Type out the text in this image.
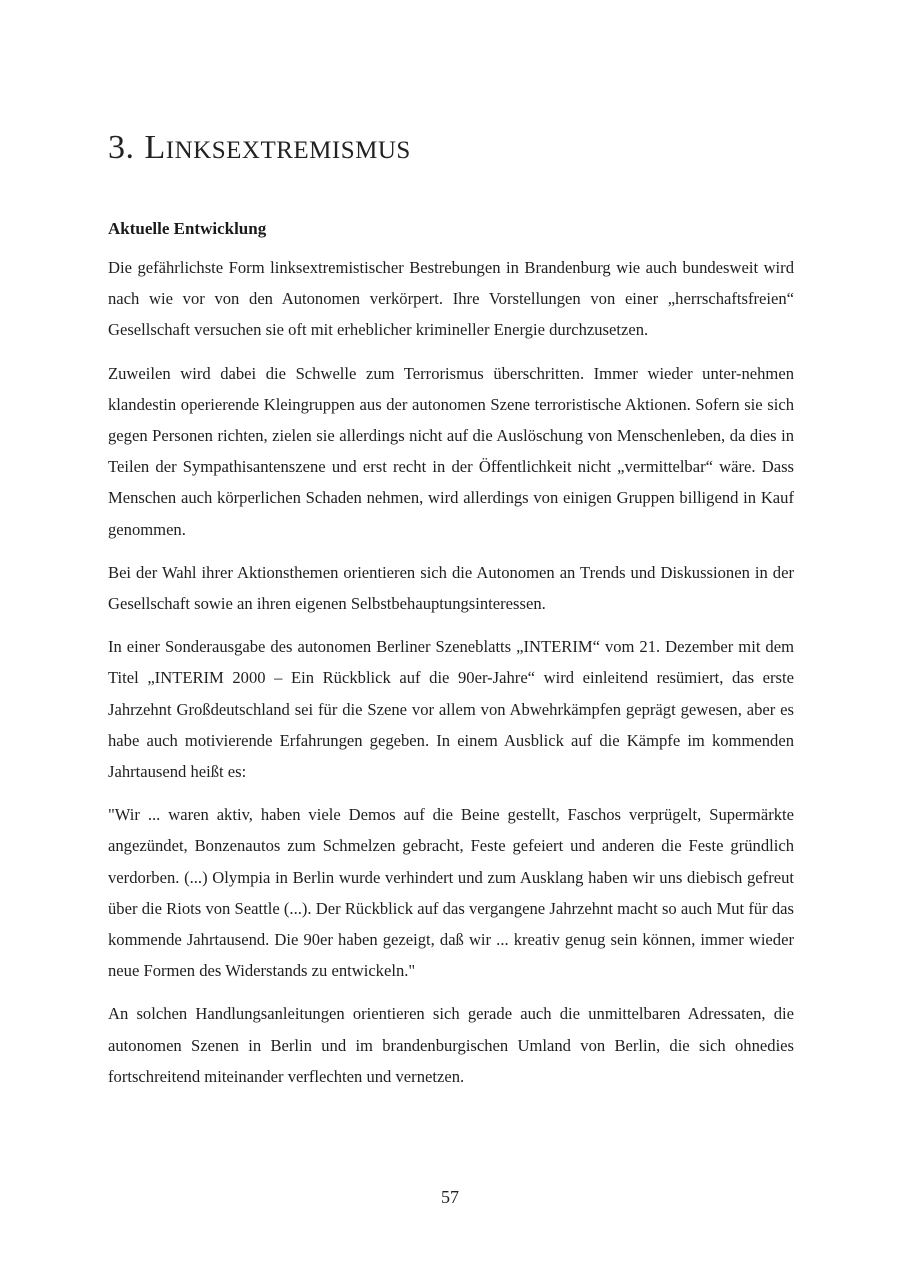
3. LINKSEXTREMISMUS
Aktuelle Entwicklung

Die gefährlichste Form linksextremistischer Bestrebungen in Brandenburg wie auch bundesweit wird nach wie vor von den Autonomen verkörpert. Ihre Vorstellungen von einer „herrschaftsfreien“ Gesellschaft versuchen sie oft mit erheblicher krimineller Energie durchzusetzen.

Zuweilen wird dabei die Schwelle zum Terrorismus überschritten. Immer wieder unter-nehmen klandestin operierende Kleingruppen aus der autonomen Szene terroristische Aktionen. Sofern sie sich gegen Personen richten, zielen sie allerdings nicht auf die Auslöschung von Menschenleben, da dies in Teilen der Sympathisantenszene und erst recht in der Öffentlichkeit nicht „vermittelbar“ wäre. Dass Menschen auch körperlichen Schaden nehmen, wird allerdings von einigen Gruppen billigend in Kauf genommen.

Bei der Wahl ihrer Aktionsthemen orientieren sich die Autonomen an Trends und Diskussionen in der Gesellschaft sowie an ihren eigenen Selbstbehauptungsinteressen.

In einer Sonderausgabe des autonomen Berliner Szeneblatts „INTERIM“ vom 21. Dezember mit dem Titel „INTERIM 2000 – Ein Rückblick auf die 90er-Jahre“ wird einleitend resümiert, das erste Jahrzehnt Großdeutschland sei für die Szene vor allem von Abwehrkämpfen geprägt gewesen, aber es habe auch motivierende Erfahrungen gegeben. In einem Ausblick auf die Kämpfe im kommenden Jahrtausend heißt es:

"Wir ... waren aktiv, haben viele Demos auf die Beine gestellt, Faschos verprügelt, Supermärkte angezündet, Bonzenautos zum Schmelzen gebracht, Feste gefeiert und anderen die Feste gründlich verdorben. (...) Olympia in Berlin wurde verhindert und zum Ausklang haben wir uns diebisch gefreut über die Riots von Seattle (...). Der Rückblick auf das vergangene Jahrzehnt macht so auch Mut für das kommende Jahrtausend. Die 90er haben gezeigt, daß wir ... kreativ genug sein können, immer wieder neue Formen des Widerstands zu entwickeln."

An solchen Handlungsanleitungen orientieren sich gerade auch die unmittelbaren Adressaten, die autonomen Szenen in Berlin und im brandenburgischen Umland von Berlin, die sich ohnedies fortschreitend miteinander verflechten und vernetzen.

57
